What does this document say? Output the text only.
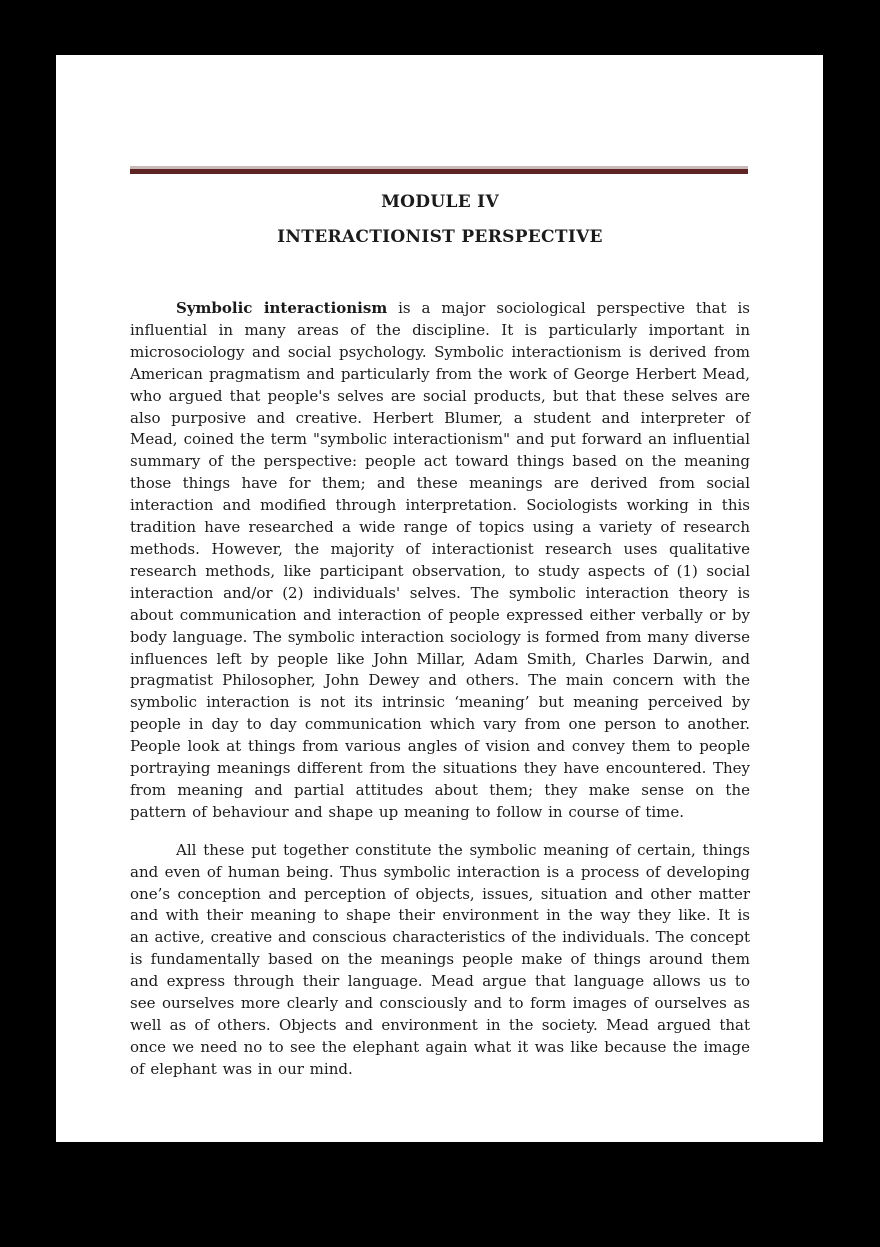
MODULE IV
INTERACTIONIST PERSPECTIVE

Symbolic interactionism is a major sociological perspective that is influential in many areas of the discipline. It is particularly important in microsociology and social psychology. Symbolic interactionism is derived from American pragmatism and particularly from the work of George Herbert Mead, who argued that people's selves are social products, but that these selves are also purposive and creative. Herbert Blumer, a student and interpreter of Mead, coined the term "symbolic interactionism" and put forward an influential summary of the perspective: people act toward things based on the meaning those things have for them; and these meanings are derived from social interaction and modified through interpretation. Sociologists working in this tradition have researched a wide range of topics using a variety of research methods. However, the majority of interactionist research uses qualitative research methods, like participant observation, to study aspects of (1) social interaction and/or (2) individuals' selves. The symbolic interaction theory is about communication and interaction of people expressed either verbally or by body language. The symbolic interaction sociology is formed from many diverse influences left by people like John Millar, Adam Smith, Charles Darwin, and pragmatist Philosopher, John Dewey and others. The main concern with the symbolic interaction is not its intrinsic ‘meaning’ but meaning perceived by people in day to day communication which vary from one person to another. People look at things from various angles of vision and convey them to people portraying meanings different from the situations they have encountered. They from meaning and partial attitudes about them; they make sense on the pattern of behaviour and shape up meaning to follow in course of time.

All these put together constitute the symbolic meaning of certain, things and even of human being. Thus symbolic interaction is a process of developing one’s conception and perception of objects, issues, situation and other matter and with their meaning to shape their environment in the way they like. It is an active, creative and conscious characteristics of the individuals. The concept is fundamentally based on the meanings people make of things around them and express through their language. Mead argue that language allows us to see ourselves more clearly and consciously and to form images of ourselves as well as of others. Objects and environment in the society. Mead argued that once we need no to see the elephant again what it was like because the image of elephant was in our mind.
